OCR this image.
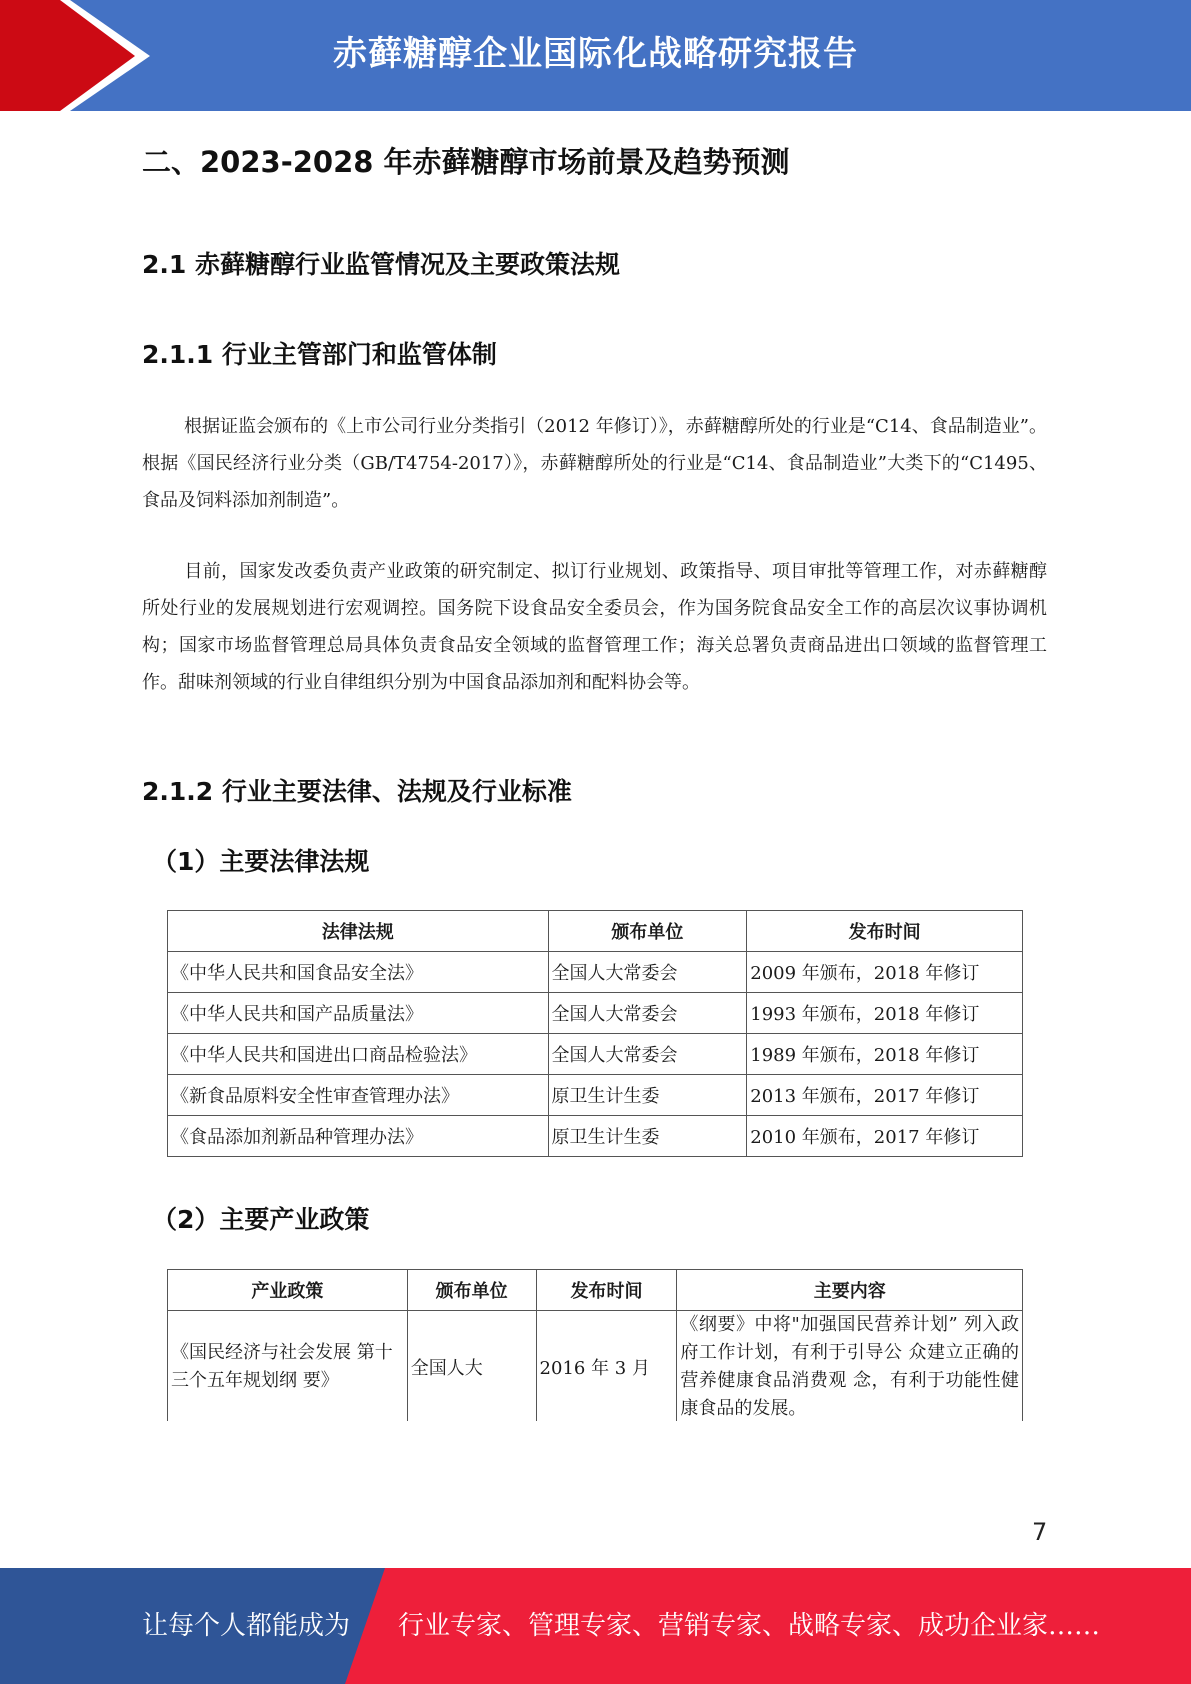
赤藓糖醇企业国际化战略研究报告
二、2023-2028 年赤藓糖醇市场前景及趋势预测
2.1 赤藓糖醇行业监管情况及主要政策法规
2.1.1 行业主管部门和监管体制

根据证监会颁布的《上市公司行业分类指引（2012 年修订）》，赤藓糖醇所处的行业是“C14、食品制造业”。根据《国民经济行业分类（GB/T4754-2017）》，赤藓糖醇所处的行业是“C14、食品制造业”大类下的“C1495、食品及饲料添加剂制造”。

目前，国家发改委负责产业政策的研究制定、拟订行业规划、政策指导、项目审批等管理工作，对赤藓糖醇所处行业的发展规划进行宏观调控。国务院下设食品安全委员会，作为国务院食品安全工作的高层次议事协调机构；国家市场监督管理总局具体负责食品安全领域的监督管理工作；海关总署负责商品进出口领域的监督管理工作。甜味剂领域的行业自律组织分别为中国食品添加剂和配料协会等。

2.1.2 行业主要法律、法规及行业标准
（1）主要法律法规
法律法规	颁布单位	发布时间
《中华人民共和国食品安全法》	全国人大常委会	2009 年颁布，2018 年修订
《中华人民共和国产品质量法》	全国人大常委会	1993 年颁布，2018 年修订
《中华人民共和国进出口商品检验法》	全国人大常委会	1989 年颁布，2018 年修订
《新食品原料安全性审查管理办法》	原卫生计生委	2013 年颁布，2017 年修订
《食品添加剂新品种管理办法》	原卫生计生委	2010 年颁布，2017 年修订
（2）主要产业政策
产业政策	颁布单位	发布时间	主要内容
《国民经济与社会发展 第十三个五年规划纲 要》	全国人大	2016 年 3 月	《纲要》中将"加强国民营养计划” 列入政府工作计划，有利于引导公 众建立正确的营养健康食品消费观 念，有利于功能性健康食品的发展。
7
让每个人都能成为 行业专家、管理专家、营销专家、战略专家、成功企业家……
